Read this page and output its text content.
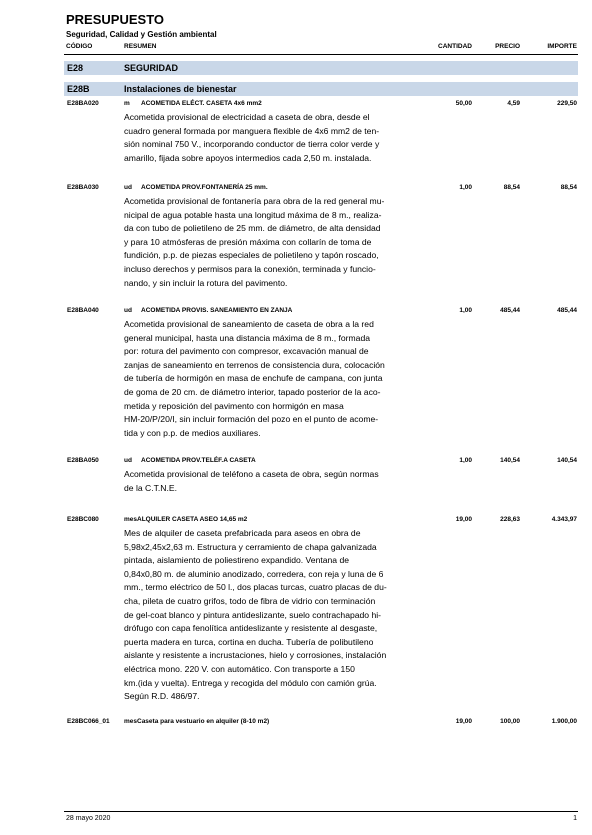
PRESUPUESTO
Seguridad, Calidad y Gestión ambiental
CÓDIGO	RESUMEN	CANTIDAD	PRECIO	IMPORTE
E28	SEGURIDAD
E28B	Instalaciones de bienestar
E28BA020	m ACOMETIDA ELÉCT. CASETA 4x6 mm2	50,00	4,59	229,50
Acometida provisional de electricidad a caseta de obra, desde el
cuadro general formada por manguera flexible de 4x6 mm2 de ten-
sión nominal 750 V., incorporando conductor de tierra color verde y
amarillo, fijada sobre apoyos intermedios cada 2,50 m. instalada.
E28BA030	ud ACOMETIDA PROV.FONTANERÍA 25 mm.	1,00	88,54	88,54
Acometida provisional de fontanería para obra de la red general mu-
nicipal de agua potable hasta una longitud máxima de 8 m., realiza-
da con tubo de polietileno de 25 mm. de diámetro, de alta densidad
y para 10 atmósferas de presión máxima con collarín de toma de
fundición, p.p. de piezas especiales de polietileno y tapón roscado,
incluso derechos y permisos para la conexión, terminada y funcio-
nando, y sin incluir la rotura del pavimento.
E28BA040	ud ACOMETIDA PROVIS. SANEAMIENTO EN ZANJA	1,00	485,44	485,44
Acometida provisional de saneamiento de caseta de obra a la red
general municipal, hasta una distancia máxima de 8 m., formada
por: rotura del pavimento con compresor, excavación manual de
zanjas de saneamiento en terrenos de consistencia dura, colocación
de tubería de hormigón en masa de enchufe de campana, con junta
de goma de 20 cm. de diámetro interior, tapado posterior de la aco-
metida y reposición del pavimento con hormigón en masa
HM-20/P/20/I, sin incluir formación del pozo en el punto de acome-
tida y con p.p. de medios auxiliares.
E28BA050	ud ACOMETIDA PROV.TELÉF.A CASETA	1,00	140,54	140,54
Acometida provisional de teléfono a caseta de obra, según normas
de la C.T.N.E.
E28BC080	mes ALQUILER CASETA ASEO 14,65 m2	19,00	228,63	4.343,97
Mes de alquiler de caseta prefabricada para aseos en obra de
5,98x2,45x2,63 m. Estructura y cerramiento de chapa galvanizada
pintada, aislamiento de poliestireno expandido. Ventana de
0,84x0,80 m. de aluminio anodizado, corredera, con reja y luna de 6
mm., termo eléctrico de 50 l., dos placas turcas, cuatro placas de du-
cha, pileta de cuatro grifos, todo de fibra de vidrio con terminación
de gel-coat blanco y pintura antideslizante, suelo contrachapado hi-
drófugo con capa fenolítica antideslizante y resistente al desgaste,
puerta madera en turca, cortina en ducha. Tubería de polibutileno
aislante y resistente a incrustaciones, hielo y corrosiones, instalación
eléctrica mono. 220 V. con automático. Con transporte a 150
km.(ida y vuelta). Entrega y recogida del módulo con camión grúa.
Según R.D. 486/97.
E28BC066_01 mes Caseta para vestuario en alquiler (8-10 m2)	19,00	100,00	1.900,00
28 mayo 2020	1
